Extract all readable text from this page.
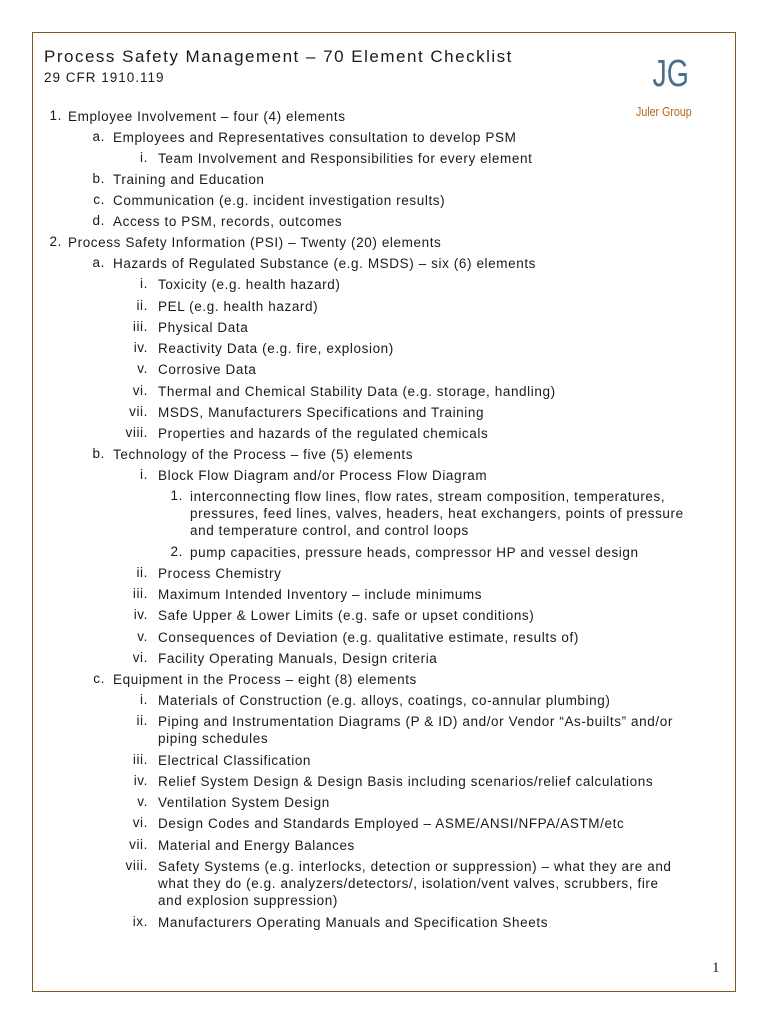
Process Safety Management – 70 Element Checklist
29 CFR 1910.119	JG
Juler Group
1. Employee Involvement – four (4) elements
a. Employees and Representatives consultation to develop PSM
i. Team Involvement and Responsibilities for every element
b. Training and Education
c. Communication (e.g. incident investigation results)
d. Access to PSM, records, outcomes
2. Process Safety Information (PSI) – Twenty (20) elements
a. Hazards of Regulated Substance (e.g. MSDS) – six (6) elements
i. Toxicity (e.g. health hazard)
ii. PEL (e.g. health hazard)
iii. Physical Data
iv. Reactivity Data (e.g. fire, explosion)
v. Corrosive Data
vi. Thermal and Chemical Stability Data (e.g. storage, handling)
vii. MSDS, Manufacturers Specifications and Training
viii. Properties and hazards of the regulated chemicals
b. Technology of the Process – five (5) elements
i. Block Flow Diagram and/or Process Flow Diagram
1. interconnecting flow lines, flow rates, stream composition, temperatures,
pressures, feed lines, valves, headers, heat exchangers, points of pressure
and temperature control, and control loops
2. pump capacities, pressure heads, compressor HP and vessel design
ii. Process Chemistry
iii. Maximum Intended Inventory – include minimums
iv. Safe Upper & Lower Limits (e.g. safe or upset conditions)
v. Consequences of Deviation (e.g. qualitative estimate, results of)
vi. Facility Operating Manuals, Design criteria
c. Equipment in the Process – eight (8) elements
i. Materials of Construction (e.g. alloys, coatings, co-annular plumbing)
ii. Piping and Instrumentation Diagrams (P & ID) and/or Vendor “As-builts” and/or
piping schedules
iii. Electrical Classification
iv. Relief System Design & Design Basis including scenarios/relief calculations
v. Ventilation System Design
vi. Design Codes and Standards Employed – ASME/ANSI/NFPA/ASTM/etc
vii. Material and Energy Balances
viii. Safety Systems (e.g. interlocks, detection or suppression) – what they are and
what they do (e.g. analyzers/detectors/, isolation/vent valves, scrubbers, fire
and explosion suppression)
ix. Manufacturers Operating Manuals and Specification Sheets
1
